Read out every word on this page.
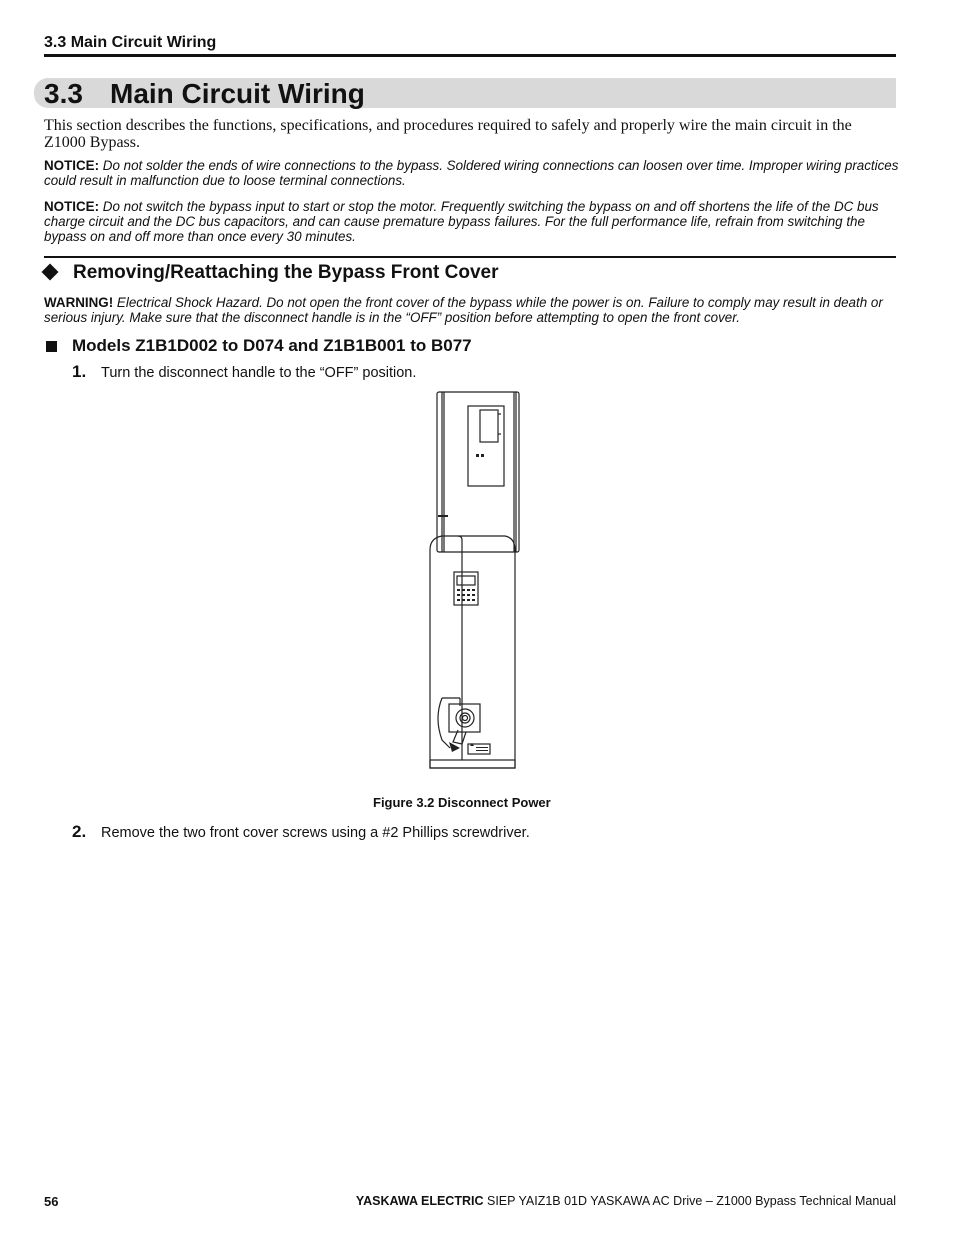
3.3 Main Circuit Wiring
3.3 Main Circuit Wiring
This section describes the functions, specifications, and procedures required to safely and properly wire the main circuit in the Z1000 Bypass.
NOTICE: Do not solder the ends of wire connections to the bypass. Soldered wiring connections can loosen over time. Improper wiring practices could result in malfunction due to loose terminal connections.
NOTICE: Do not switch the bypass input to start or stop the motor. Frequently switching the bypass on and off shortens the life of the DC bus charge circuit and the DC bus capacitors, and can cause premature bypass failures. For the full performance life, refrain from switching the bypass on and off more than once every 30 minutes.
Removing/Reattaching the Bypass Front Cover
WARNING! Electrical Shock Hazard. Do not open the front cover of the bypass while the power is on. Failure to comply may result in death or serious injury. Make sure that the disconnect handle is in the “OFF” position before attempting to open the front cover.
Models Z1B1D002 to D074 and Z1B1B001 to B077
1. Turn the disconnect handle to the “OFF” position.
Figure 3.2 Disconnect Power
2. Remove the two front cover screws using a #2 Phillips screwdriver.
56	YASKAWA ELECTRIC SIEP YAIZ1B 01D YASKAWA AC Drive – Z1000 Bypass Technical Manual
